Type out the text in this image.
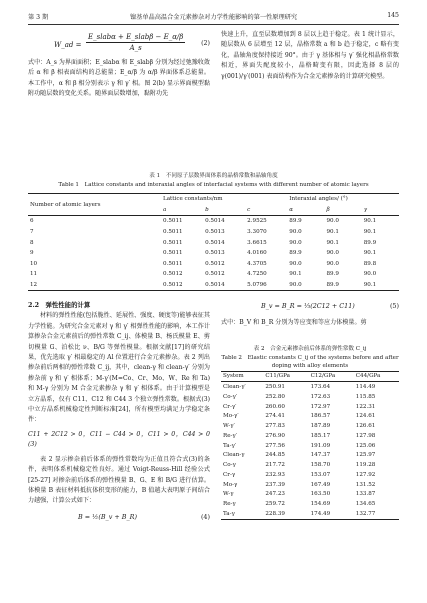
第 3 期	镍基单晶高温合金元素掺杂对力学性能影响的第一性原理研究	145
W_ad =
E_slabα + E_slabβ − E_α/β
A_s
(2)
式中：A_s 为界面面积；E_slabα 和 E_slabβ 分别为经过弛豫收敛后 α 和 β 相表面结构的总能量；E_α/β 为 α/β 界面体系总能量。本工作中，α 和 β 相分别表示 γ 和 γ′ 相。图 2(b) 显示界面模型黏附功随层数的变化关系。随界面层数增加，黏附功先
快速上升，直至层数增加到 8 层以上趋于稳定。表 1 统计显示，随层数从 6 层增至 12 层，晶格常数 a 和 b 趋于稳定，c 略有变化，晶轴角度保持接近 90°。由于 γ 基体相与 γ′ 强化相晶格常数相近，界面失配度较小，晶格畸变有限，因此选择 8 层的 γ(001)/γ′(001) 表面结构作为合金元素掺杂的计算研究模型。
表 1　不同原子层数界面体系的晶格常数和晶轴角度
Table 1　Lattice constants and interaxial angles of interfacial systems with different number of atomic layers
Number of atomic layers	Lattice constants/nm			Interaxial angles/ (°)		
	a	b	c	α	β	γ
6	0.5011	0.5014	2.9525	89.9	90.0	90.1
7	0.5011	0.5013	3.3070	90.0	90.1	90.1
8	0.5011	0.5014	3.6615	90.0	90.1	89.9
9	0.5011	0.5013	4.0160	89.9	90.0	90.1
10	0.5011	0.5012	4.3705	90.0	90.0	89.8
11	0.5012	0.5012	4.7250	90.1	89.9	90.0
12	0.5012	0.5014	5.0796	90.0	89.9	90.1
2.2　弹性性能的计算
材料的弹性性能(包括脆性、延展性、强度、硬度等)能够表征其力学性能。为研究合金元素对 γ 和 γ′ 相弹性性能的影响，本工作计算掺杂合金元素前后的弹性常数 C_ij、体模量 B、杨氏模量 E、剪切模量 G、泊松比 ν、B/G 等弹性模量。根据文献[17]的研究结果，优先选取 γ′ 相最稳定的 Al 位置进行合金元素掺杂。表 2 列出掺杂前后两相的弹性常数 C_ij，其中，clean-γ 和 clean-γ′ 分别为掺杂前 γ 和 γ′ 相体系；M-γ′(M=Co、Cr、Mo、W、Re 和 Ta) 和 M-γ 分别为 M 合金元素掺杂 γ 和 γ′ 相体系。由于计算模型是立方晶系，仅有 C11、C12 和 C44 3 个独立弹性常数。根据式(3)中立方晶系机械稳定性判断标准[24]，所有模型均满足力学稳定条件：
C11 + 2C12 > 0，C11 − C44 > 0，C11 > 0，C44 > 0　(3)
表 2 显示掺杂前后体系的弹性常数均为正值且符合式(3)的条件，表明体系机械稳定性良好。通过 Voigt-Reuss-Hill 经验公式[25-27] 对掺杂前后体系的弹性模量 B、G、E 和 B/G 进行估算。体模量 B 表征材料抵抗体积变形的能力，B 值越大表明原子间结合力越强，计算公式如下：
B = ½(B_v + B_R)	(4)
B_v = B_R = ⅓(2C12 + C11)	(5)
式中：B_V 和 B_R 分别为等应变和等应力体模量。剪
表 2　合金元素掺杂前后体系的弹性常数 C_ij
Table 2　Elastic constants C_ij of the systems before and after doping with alloy elements
System	C11/GPa	C12/GPa	C44/GPa
Clean-γ′	250.91	173.64	114.49
Co-γ′	252.80	172.63	115.85
Cr-γ′	260.60	172.97	122.31
Mo-γ′	274.41	186.57	124.61
W-γ′	277.83	187.89	126.61
Re-γ′	276.90	185.17	127.98
Ta-γ′	277.56	191.09	125.06
Clean-γ	244.85	147.37	125.97
Co-γ	217.72	158.70	119.28
Cr-γ	232.93	153.07	127.92
Mo-γ	237.39	167.49	131.52
W-γ	247.23	163.50	133.87
Re-γ	259.72	154.69	134.65
Ta-γ	228.39	174.49	132.77
